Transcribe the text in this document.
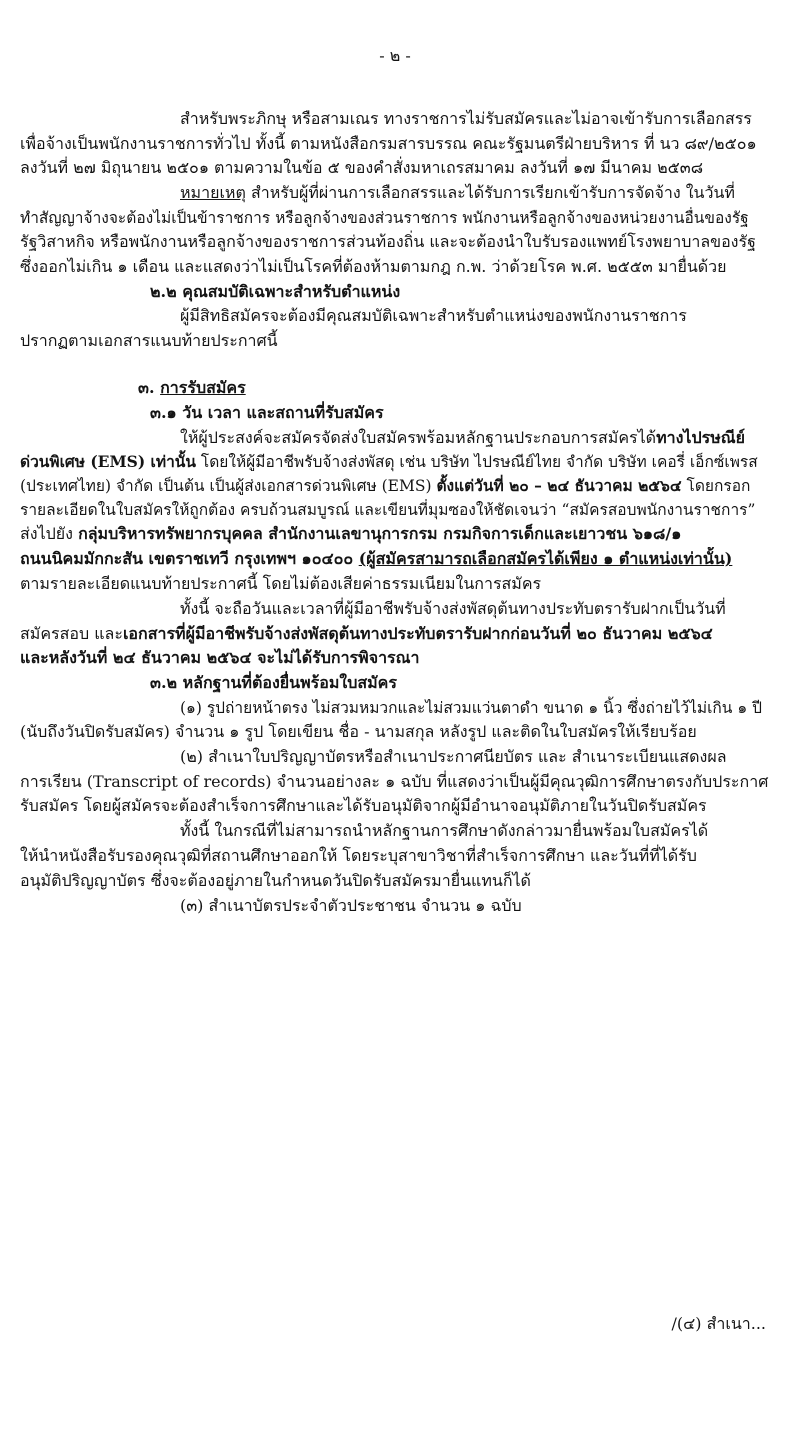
- ๒ -
สำหรับพระภิกษุ หรือสามเณร ทางราชการไม่รับสมัครและไม่อาจเข้ารับการเลือกสรร
เพื่อจ้างเป็นพนักงานราชการทั่วไป ทั้งนี้ ตามหนังสือกรมสารบรรณ คณะรัฐมนตรีฝ่ายบริหาร ที่ นว ๘๙/๒๕๐๑
ลงวันที่ ๒๗ มิถุนายน ๒๕๐๑ ตามความในข้อ ๕ ของคำสั่งมหาเถรสมาคม ลงวันที่ ๑๗ มีนาคม ๒๕๓๘
หมายเหตุ สำหรับผู้ที่ผ่านการเลือกสรรและได้รับการเรียกเข้ารับการจัดจ้าง ในวันที่
ทำสัญญาจ้างจะต้องไม่เป็นข้าราชการ หรือลูกจ้างของส่วนราชการ พนักงานหรือลูกจ้างของหน่วยงานอื่นของรัฐ
รัฐวิสาหกิจ หรือพนักงานหรือลูกจ้างของราชการส่วนท้องถิ่น และจะต้องนำใบรับรองแพทย์โรงพยาบาลของรัฐ
ซึ่งออกไม่เกิน ๑ เดือน และแสดงว่าไม่เป็นโรคที่ต้องห้ามตามกฎ ก.พ. ว่าด้วยโรค พ.ศ. ๒๕๕๓ มายื่นด้วย
๒.๒ คุณสมบัติเฉพาะสำหรับตำแหน่ง
ผู้มีสิทธิสมัครจะต้องมีคุณสมบัติเฉพาะสำหรับตำแหน่งของพนักงานราชการ
ปรากฏตามเอกสารแนบท้ายประกาศนี้
๓. การรับสมัคร
๓.๑ วัน เวลา และสถานที่รับสมัคร
ให้ผู้ประสงค์จะสมัครจัดส่งใบสมัครพร้อมหลักฐานประกอบการสมัครได้ทางไปรษณีย์
ด่วนพิเศษ (EMS) เท่านั้น โดยให้ผู้มีอาชีพรับจ้างส่งพัสดุ เช่น บริษัท ไปรษณีย์ไทย จำกัด บริษัท เคอรี่ เอ็กซ์เพรส
(ประเทศไทย) จำกัด เป็นต้น เป็นผู้ส่งเอกสารด่วนพิเศษ (EMS) ตั้งแต่วันที่ ๒๐ – ๒๔ ธันวาคม ๒๕๖๔ โดยกรอก
รายละเอียดในใบสมัครให้ถูกต้อง ครบถ้วนสมบูรณ์ และเขียนที่มุมซองให้ชัดเจนว่า “สมัครสอบพนักงานราชการ”
ส่งไปยัง กลุ่มบริหารทรัพยากรบุคคล สำนักงานเลขานุการกรม กรมกิจการเด็กและเยาวชน ๖๑๘/๑
ถนนนิคมมักกะสัน เขตราชเทวี กรุงเทพฯ ๑๐๔๐๐ (ผู้สมัครสามารถเลือกสมัครได้เพียง ๑ ตำแหน่งเท่านั้น)
ตามรายละเอียดแนบท้ายประกาศนี้ โดยไม่ต้องเสียค่าธรรมเนียมในการสมัคร
ทั้งนี้ จะถือวันและเวลาที่ผู้มีอาชีพรับจ้างส่งพัสดุต้นทางประทับตรารับฝากเป็นวันที่
สมัครสอบ และเอกสารที่ผู้มีอาชีพรับจ้างส่งพัสดุต้นทางประทับตรารับฝากก่อนวันที่ ๒๐ ธันวาคม ๒๕๖๔
และหลังวันที่ ๒๔ ธันวาคม ๒๕๖๔ จะไม่ได้รับการพิจารณา
๓.๒ หลักฐานที่ต้องยื่นพร้อมใบสมัคร
(๑) รูปถ่ายหน้าตรง ไม่สวมหมวกและไม่สวมแว่นตาดำ ขนาด ๑ นิ้ว ซึ่งถ่ายไว้ไม่เกิน ๑ ปี
(นับถึงวันปิดรับสมัคร) จำนวน ๑ รูป โดยเขียน ชื่อ - นามสกุล หลังรูป และติดในใบสมัครให้เรียบร้อย
(๒) สำเนาใบปริญญาบัตรหรือสำเนาประกาศนียบัตร และ สำเนาระเบียนแสดงผล
การเรียน (Transcript of records) จำนวนอย่างละ ๑ ฉบับ ที่แสดงว่าเป็นผู้มีคุณวุฒิการศึกษาตรงกับประกาศ
รับสมัคร โดยผู้สมัครจะต้องสำเร็จการศึกษาและได้รับอนุมัติจากผู้มีอำนาจอนุมัติภายในวันปิดรับสมัคร
ทั้งนี้ ในกรณีที่ไม่สามารถนำหลักฐานการศึกษาดังกล่าวมายื่นพร้อมใบสมัครได้
ให้นำหนังสือรับรองคุณวุฒิที่สถานศึกษาออกให้ โดยระบุสาขาวิชาที่สำเร็จการศึกษา และวันที่ที่ได้รับ
อนุมัติปริญญาบัตร ซึ่งจะต้องอยู่ภายในกำหนดวันปิดรับสมัครมายื่นแทนก็ได้
(๓) สำเนาบัตรประจำตัวประชาชน จำนวน ๑ ฉบับ
/(๔) สำเนา...
